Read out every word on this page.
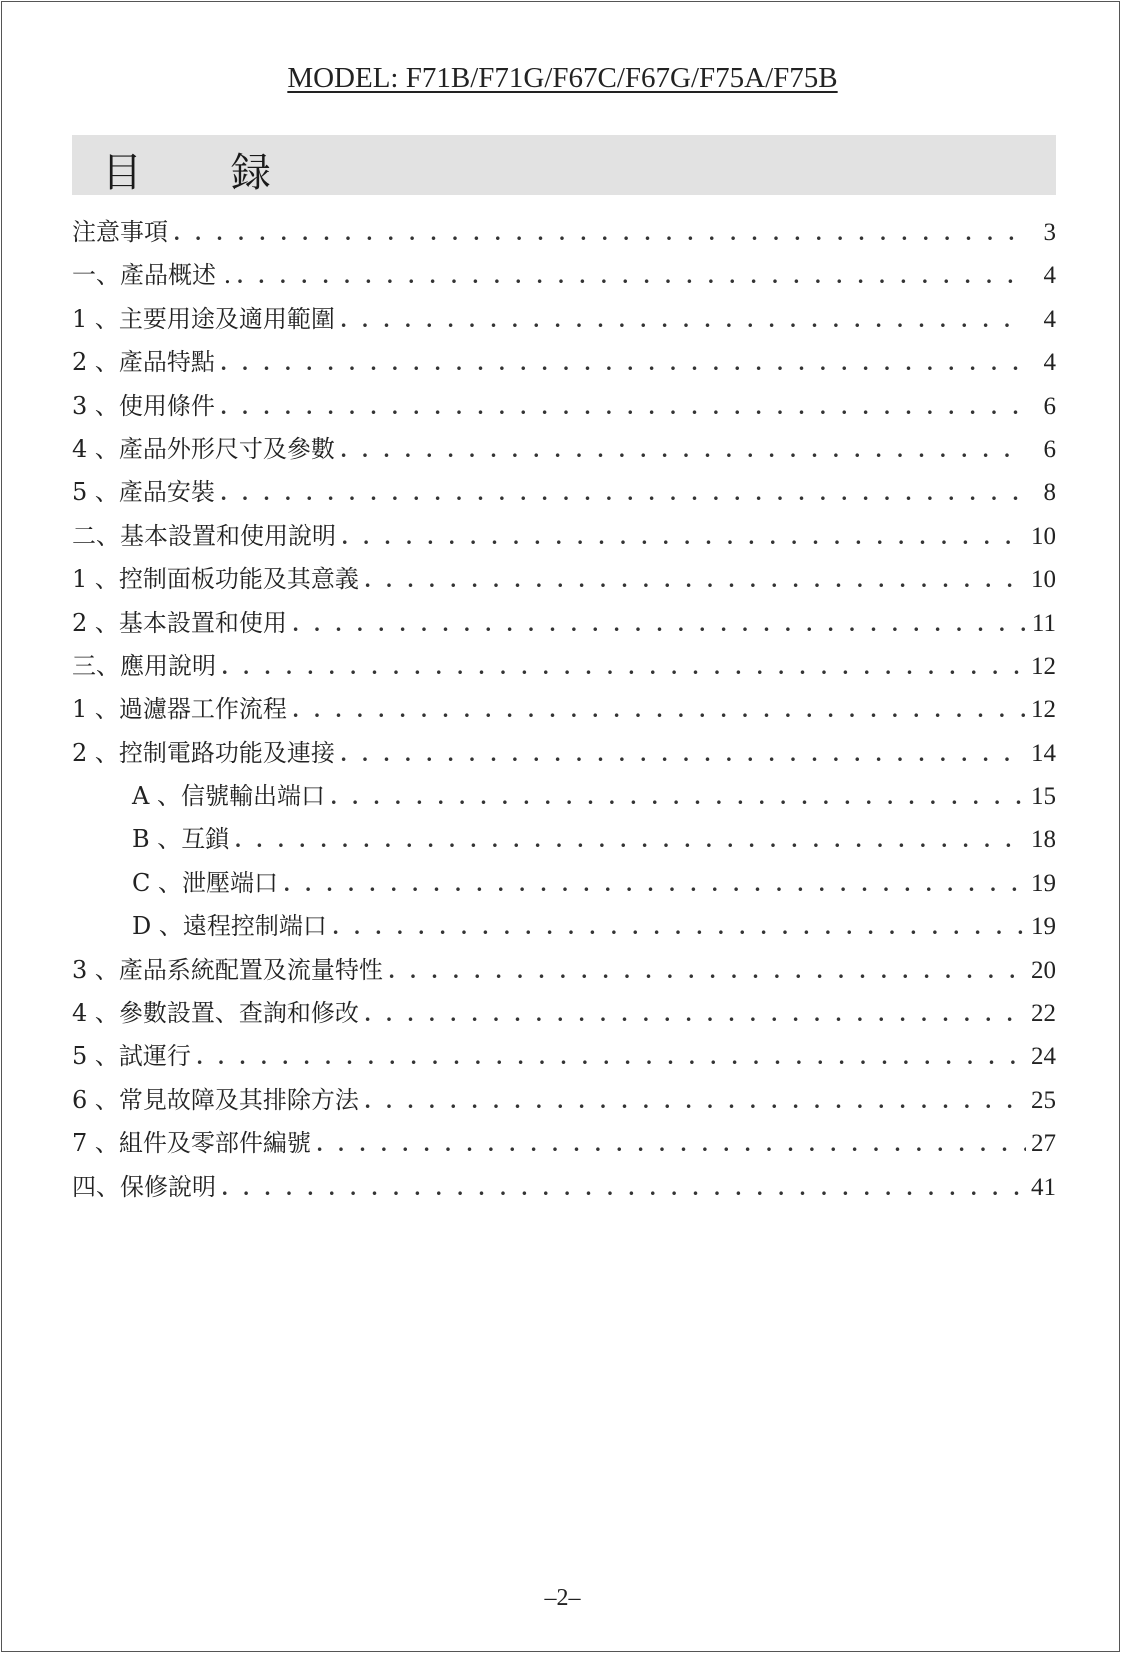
MODEL: F71B/F71G/F67C/F67G/F75A/F75B
目 録
注意事項 . . .	3
一、產品概述 . . . .	4
1 、主要用途及適用範圍 . . .	4
2 、產品特點 . . .	4
3 、使用條件 . . .	6
4 、產品外形尺寸及參數 . . .	6
5 、產品安裝 . . .	8
二、基本設置和使用說明 . . .	10
1 、控制面板功能及其意義 . . .	10
2 、基本設置和使用 . . .	11
三、應用說明 . . .	12
1 、過濾器工作流程 . . .	12
2 、控制電路功能及連接 . . .	14
A 、信號輸出端口 . . .	15
B 、互鎖 . . .	18
C 、泄壓端口 . . .	19
D 、遠程控制端口 . . .	19
3 、產品系統配置及流量特性 . . .	20
4 、參數設置、查詢和修改 . . .	22
5 、試運行 . . .	24
6 、常見故障及其排除方法 . . .	25
7 、組件及零部件編號 . . .	27
四、保修說明 . . .	41
–2–
